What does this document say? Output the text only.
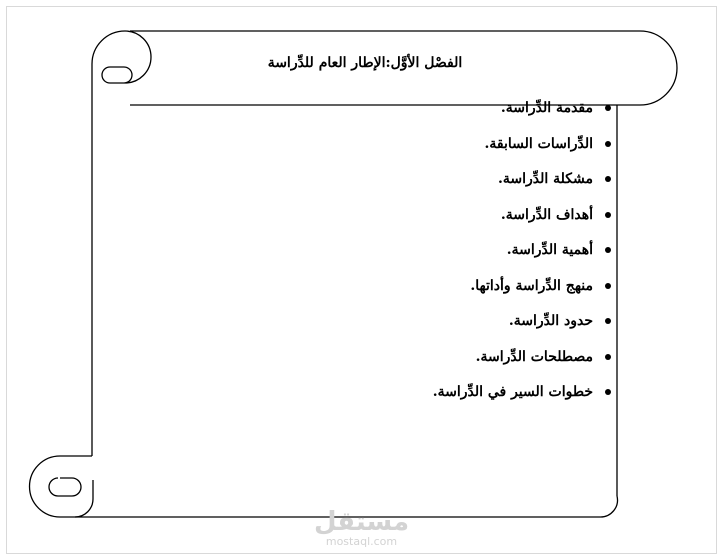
الفصْل الأوَّل:الإطار العام للدِّراسة
مقدمة الدِّراسة.
الدِّراسات السابقة.
مشكلة الدِّراسة.
أهداف الدِّراسة.
أهمية الدِّراسة.
منهج الدِّراسة وأداتها.
حدود الدِّراسة.
مصطلحات الدِّراسة.
خطوات السير في الدِّراسة.
مستقل
mostaql.com
